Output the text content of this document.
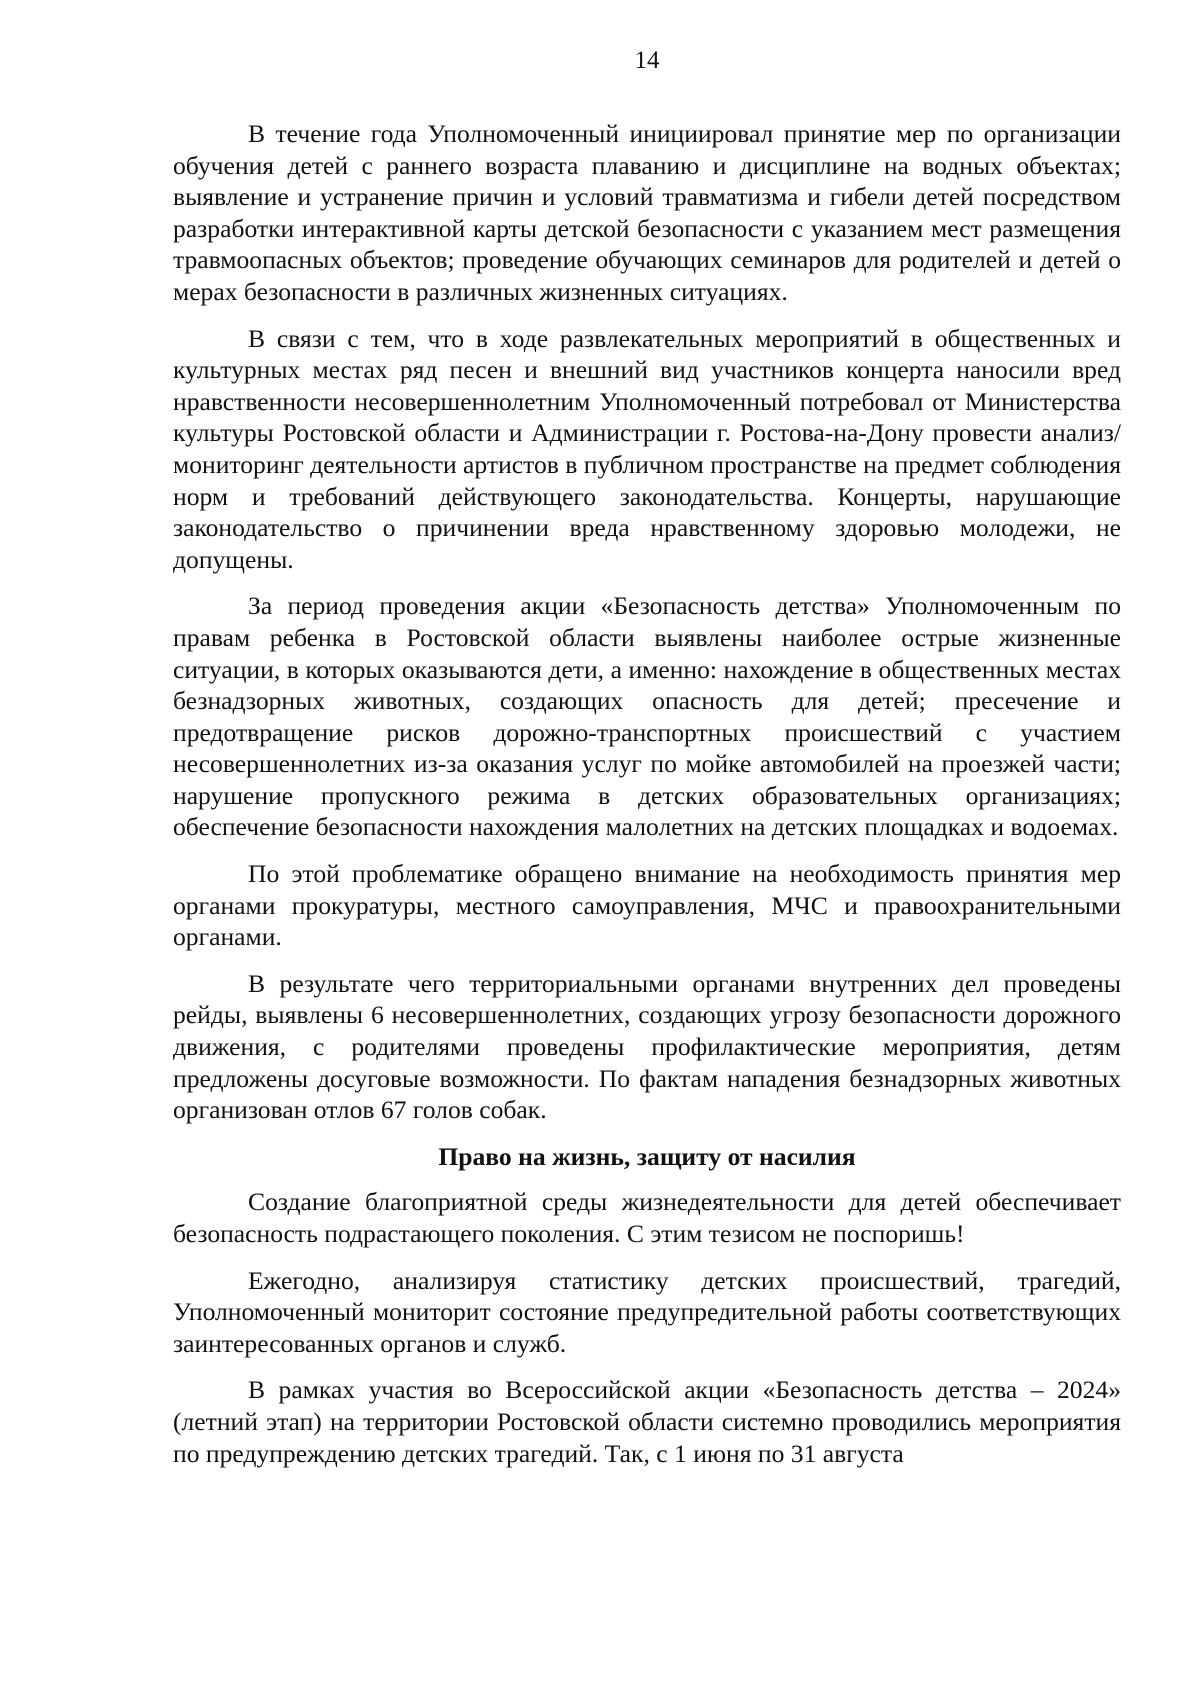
14

В течение года Уполномоченный инициировал принятие мер по организации обучения детей с раннего возраста плаванию и дисциплине на водных объектах; выявление и устранение причин и условий травматизма и гибели детей посредством разработки интерактивной карты детской безопасности с указанием мест размещения травмоопасных объектов; проведение обучающих семинаров для родителей и детей о мерах безопасности в различных жизненных ситуациях.

В связи с тем, что в ходе развлекательных мероприятий в общественных и культурных местах ряд песен и внешний вид участников концерта наносили вред нравственности несовершеннолетним Уполномоченный потребовал от Министерства культуры Ростовской области и Администрации г. Ростова-на-Дону провести анализ/мониторинг деятельности артистов в публичном пространстве на предмет соблюдения норм и требований действующего законодательства. Концерты, нарушающие законодательство о причинении вреда нравственному здоровью молодежи, не допущены.

За период проведения акции «Безопасность детства» Уполномоченным по правам ребенка в Ростовской области выявлены наиболее острые жизненные ситуации, в которых оказываются дети, а именно: нахождение в общественных местах безнадзорных животных, создающих опасность для детей; пресечение и предотвращение рисков дорожно-транспортных происшествий с участием несовершеннолетних из-за оказания услуг по мойке автомобилей на проезжей части; нарушение пропускного режима в детских образовательных организациях; обеспечение безопасности нахождения малолетних на детских площадках и водоемах.

По этой проблематике обращено внимание на необходимость принятия мер органами прокуратуры, местного самоуправления, МЧС и правоохранительными органами.

В результате чего территориальными органами внутренних дел проведены рейды, выявлены 6 несовершеннолетних, создающих угрозу безопасности дорожного движения, с родителями проведены профилактические мероприятия, детям предложены досуговые возможности. По фактам нападения безнадзорных животных организован отлов 67 голов собак.

Право на жизнь, защиту от насилия

Создание благоприятной среды жизнедеятельности для детей обеспечивает безопасность подрастающего поколения. С этим тезисом не поспоришь!

Ежегодно, анализируя статистику детских происшествий, трагедий, Уполномоченный мониторит состояние предупредительной работы соответствующих заинтересованных органов и служб.

В рамках участия во Всероссийской акции «Безопасность детства – 2024» (летний этап) на территории Ростовской области системно проводились мероприятия по предупреждению детских трагедий. Так, с 1 июня по 31 августа
